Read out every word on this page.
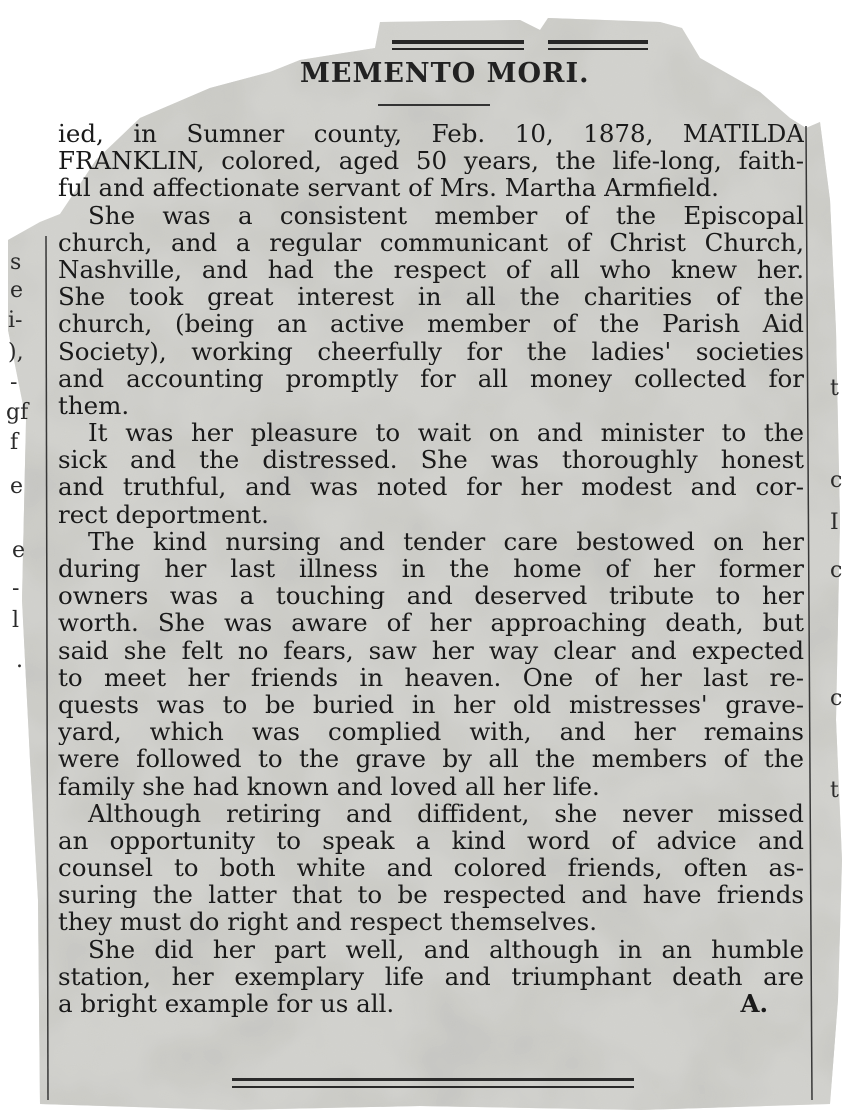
MEMENTO MORI.
ied, in Sumner county, Feb. 10, 1878, MATILDA
FRANKLIN, colored, aged 50 years, the life-long, faith-
ful and affectionate servant of Mrs. Martha Armfield.
She was a consistent member of the Episcopal
church, and a regular communicant of Christ Church,
Nashville, and had the respect of all who knew her.
She took great interest in all the charities of the
church, (being an active member of the Parish Aid
Society), working cheerfully for the ladies' societies
and accounting promptly for all money collected for
them.
It was her pleasure to wait on and minister to the
sick and the distressed. She was thoroughly honest
and truthful, and was noted for her modest and cor-
rect deportment.
The kind nursing and tender care bestowed on her
during her last illness in the home of her former
owners was a touching and deserved tribute to her
worth. She was aware of her approaching death, but
said she felt no fears, saw her way clear and expected
to meet her friends in heaven. One of her last re-
quests was to be buried in her old mistresses' grave-
yard, which was complied with, and her remains
were followed to the grave by all the members of the
family she had known and loved all her life.
Although retiring and diffident, she never missed
an opportunity to speak a kind word of advice and
counsel to both white and colored friends, often as-
suring the latter that to be respected and have friends
they must do right and respect themselves.
She did her part well, and although in an humble
station, her exemplary life and triumphant death are
a bright example for us all.	A.
s
e
i-
),
-
gf
f
e
e
-
l
.
t
c
I
c
c
t
